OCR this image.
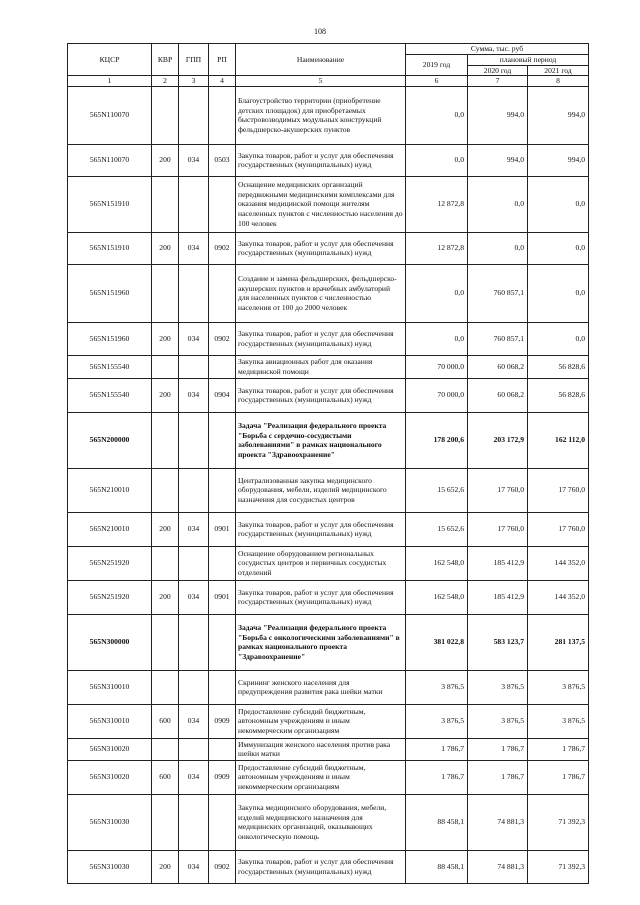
108
КЦСР	КВР	ГПП	РП	Наименование	Сумма, тыс. руб		
					2019 год	плановый период	
						2020 год	2021 год
1	2	3	4	5	6	7	8
565N110070				Благоустройство территории (приобретение детских площадок) для приобретаемых быстровозводимых модульных конструкций фельдшерско-акушерских пунктов	0,0	994,0	994,0
565N110070	200	034	0503	Закупка товаров, работ и услуг для обеспечения государственных (муниципальных) нужд	0,0	994,0	994,0
565N151910				Оснащение медицинских организаций передвижными медицинскими комплексами для оказания медицинской помощи жителям населенных пунктов с численностью населения до 100 человек	12 872,8	0,0	0,0
565N151910	200	034	0902	Закупка товаров, работ и услуг для обеспечения государственных (муниципальных) нужд	12 872,8	0,0	0,0
565N151960				Создание и замена фельдшерских, фельдшерско-акушерских пунктов и врачебных амбулаторий для населенных пунктов с численностью населения от 100 до 2000 человек	0,0	760 857,1	0,0
565N151960	200	034	0902	Закупка товаров, работ и услуг для обеспечения государственных (муниципальных) нужд	0,0	760 857,1	0,0
565N155540				Закупка авиационных работ для оказания медицинской помощи	70 000,0	60 068,2	56 828,6
565N155540	200	034	0904	Закупка товаров, работ и услуг для обеспечения государственных (муниципальных) нужд	70 000,0	60 068,2	56 828,6
565N200000				Задача "Реализация федерального проекта "Борьба с сердечно-сосудистыми заболеваниями" в рамках национального проекта "Здравоохранение"	178 200,6	203 172,9	162 112,0
565N210010				Централизованная закупка медицинского оборудования, мебели, изделий медицинского назначения для сосудистых центров	15 652,6	17 760,0	17 760,0
565N210010	200	034	0901	Закупка товаров, работ и услуг для обеспечения государственных (муниципальных) нужд	15 652,6	17 760,0	17 760,0
565N251920				Оснащение оборудованием региональных сосудистых центров и первичных сосудистых отделений	162 548,0	185 412,9	144 352,0
565N251920	200	034	0901	Закупка товаров, работ и услуг для обеспечения государственных (муниципальных) нужд	162 548,0	185 412,9	144 352,0
565N300000				Задача "Реализация федерального проекта "Борьба с онкологическими заболеваниями" в рамках национального проекта "Здравоохранение"	381 022,8	583 123,7	281 137,5
565N310010				Скрининг женского населения для предупреждения развития рака шейки матки	3 876,5	3 876,5	3 876,5
565N310010	600	034	0909	Предоставление субсидий бюджетным, автономным учреждениям и иным некоммерческим организациям	3 876,5	3 876,5	3 876,5
565N310020				Иммунизация женского населения против рака шейки матки	1 786,7	1 786,7	1 786,7
565N310020	600	034	0909	Предоставление субсидий бюджетным, автономным учреждениям и иным некоммерческим организациям	1 786,7	1 786,7	1 786,7
565N310030				Закупка медицинского оборудования, мебели, изделий медицинского назначения для медицинских организаций, оказывающих онкологическую помощь	88 458,1	74 881,3	71 392,3
565N310030	200	034	0902	Закупка товаров, работ и услуг для обеспечения государственных (муниципальных) нужд	88 458,1	74 881,3	71 392,3
